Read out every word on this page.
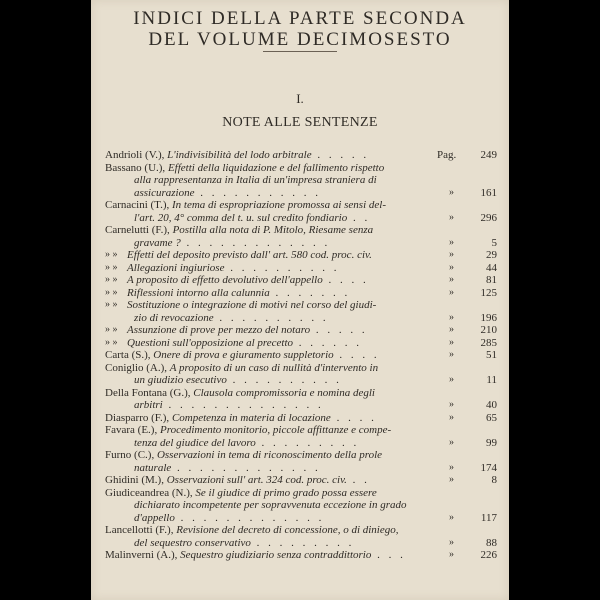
INDICI DELLA PARTE SECONDA
DEL VOLUME DECIMOSESTO
I.
NOTE ALLE SENTENZE
Andrioli (V.), L'indivisibilità del lodo arbitrale . . . . .	Pag. 249
Bassano (U.), Effetti della liquidazione e del fallimento rispetto
alla rappresentanza in Italia di un'impresa straniera di
assicurazione . . . . . . . . . . .	» 161
Carnacini (T.), In tema di espropriazione promossa ai sensi del-
l'art. 20, 4° comma del t. u. sul credito fondiario . .	» 296
Carnelutti (F.), Postilla alla nota di P. Mitolo, Riesame senza
gravame ? . . . . . . . . . . . . .	»	5
» » Effetti del deposito previsto dall' art. 580 cod. proc. civ.	»	29
» » Allegazioni ingiuriose . . . . . . . . . .	»	44
» » A proposito di effetto devolutivo dell'appello . . . .	»	81
» » Riflessioni intorno alla calunnia . . . . . . .	» 125
» » Sostituzione o integrazione di motivi nel corso del giudi-
zio di revocazione . . . . . . . . . .	» 196
» » Assunzione di prove per mezzo del notaro . . . . .	» 210
» » Questioni sull'opposizione al precetto . . . . . .	» 285
Carta (S.), Onere di prova e giuramento suppletorio . . . .	»	51
Coniglio (A.), A proposito di un caso di nullità d'intervento in
un giudizio esecutivo . . . . . . . . . .	»	11
Della Fontana (G.), Clausola compromissoria e nomina degli
arbitri . . . . . . . . . . . . . .	»	40
Diasparro (F.), Competenza in materia di locazione . . . .	»	65
Favara (E.), Procedimento monitorio, piccole affittanze e compe-
tenza del giudice del lavoro . . . . . . . . .	»	99
Furno (C.), Osservazioni in tema di riconoscimento della prole
naturale . . . . . . . . . . . . .	» 174
Ghidini (M.), Osservazioni sull' art. 324 cod. proc. civ. . .	»	8
Giudiceandrea (N.), Se il giudice di primo grado possa essere
dichiarato incompetente per sopravvenuta eccezione in grado
d'appello . . . . . . . . . . . . .	» 117
Lancellotti (F.), Revisione del decreto di concessione, o di diniego,
del sequestro conservativo . . . . . . . . .	»	88
Malinverni (A.), Sequestro giudiziario senza contraddittorio . . .	» 226
